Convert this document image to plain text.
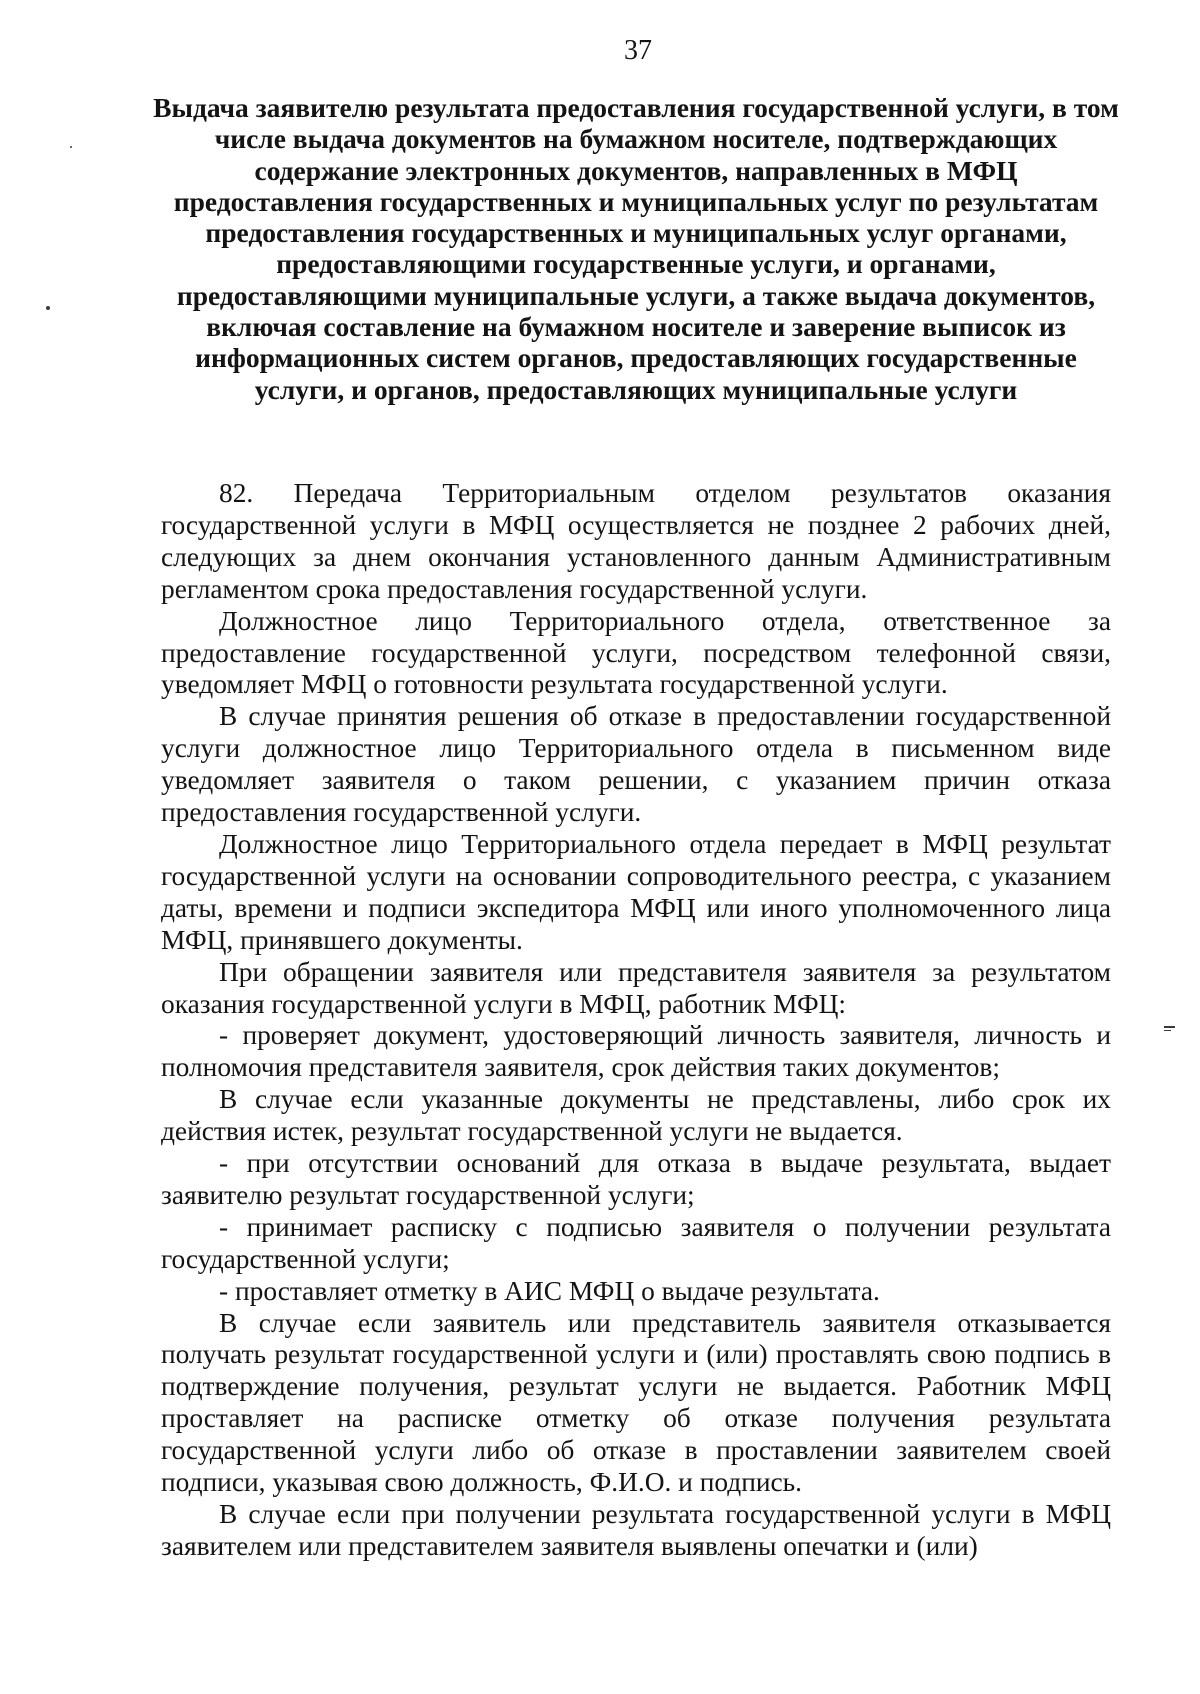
37
Выдача заявителю результата предоставления государственной услуги, в том числе выдача документов на бумажном носителе, подтверждающих содержание электронных документов, направленных в МФЦ предоставления государственных и муниципальных услуг по результатам предоставления государственных и муниципальных услуг органами, предоставляющими государственные услуги, и органами, предоставляющими муниципальные услуги, а также выдача документов, включая составление на бумажном носителе и заверение выписок из информационных систем органов, предоставляющих государственные услуги, и органов, предоставляющих муниципальные услуги

82. Передача Территориальным отделом результатов оказания государственной услуги в МФЦ осуществляется не позднее 2 рабочих дней, следующих за днем окончания установленного данным Административным регламентом срока предоставления государственной услуги.

Должностное лицо Территориального отдела, ответственное за предоставление государственной услуги, посредством телефонной связи, уведомляет МФЦ о готовности результата государственной услуги.

В случае принятия решения об отказе в предоставлении государственной услуги должностное лицо Территориального отдела в письменном виде уведомляет заявителя о таком решении, с указанием причин отказа предоставления государственной услуги.

Должностное лицо Территориального отдела передает в МФЦ результат государственной услуги на основании сопроводительного реестра, с указанием даты, времени и подписи экспедитора МФЦ или иного уполномоченного лица МФЦ, принявшего документы.

При обращении заявителя или представителя заявителя за результатом оказания государственной услуги в МФЦ, работник МФЦ:

- проверяет документ, удостоверяющий личность заявителя, личность и полномочия представителя заявителя, срок действия таких документов;

В случае если указанные документы не представлены, либо срок их действия истек, результат государственной услуги не выдается.

- при отсутствии оснований для отказа в выдаче результата, выдает заявителю результат государственной услуги;

- принимает расписку с подписью заявителя о получении результата государственной услуги;

- проставляет отметку в АИС МФЦ о выдаче результата.

В случае если заявитель или представитель заявителя отказывается получать результат государственной услуги и (или) проставлять свою подпись в подтверждение получения, результат услуги не выдается. Работник МФЦ проставляет на расписке отметку об отказе получения результата государственной услуги либо об отказе в проставлении заявителем своей подписи, указывая свою должность, Ф.И.О. и подпись.

В случае если при получении результата государственной услуги в МФЦ заявителем или представителем заявителя выявлены опечатки и (или)
